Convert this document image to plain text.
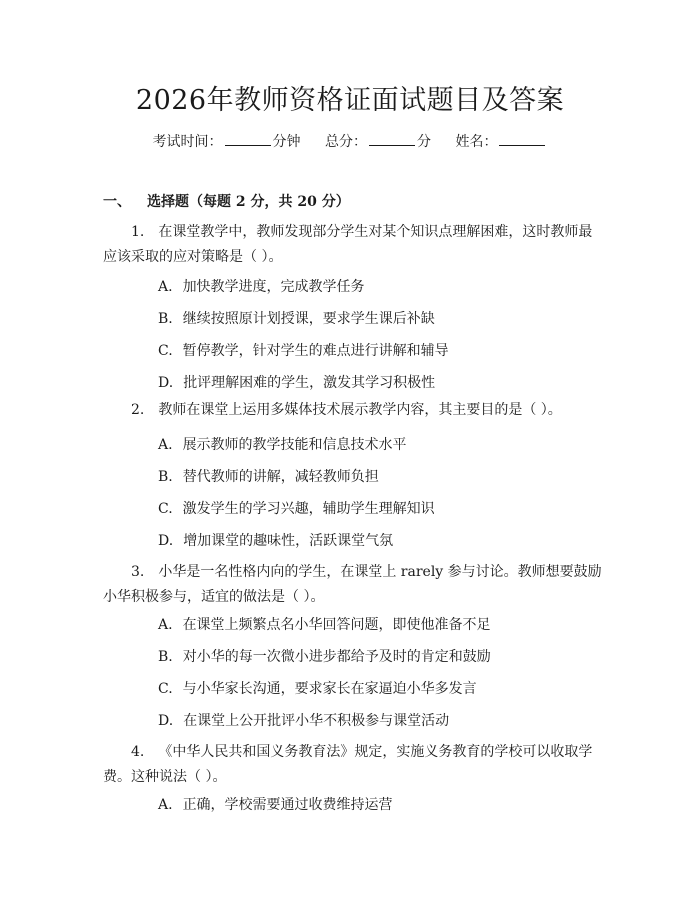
2026年教师资格证面试题目及答案
考试时间：	分钟 总分：	分 姓名：
一、 选择题（每题 2 分，共 20 分）
1. 在课堂教学中，教师发现部分学生对某个知识点理解困难，这时教师最应该采取的应对策略是（ ）。
A. 加快教学进度，完成教学任务
B. 继续按照原计划授课，要求学生课后补缺
C. 暂停教学，针对学生的难点进行讲解和辅导
D. 批评理解困难的学生，激发其学习积极性
2. 教师在课堂上运用多媒体技术展示教学内容，其主要目的是（ ）。
A. 展示教师的教学技能和信息技术水平
B. 替代教师的讲解，减轻教师负担
C. 激发学生的学习兴趣，辅助学生理解知识
D. 增加课堂的趣味性，活跃课堂气氛
3. 小华是一名性格内向的学生，在课堂上 rarely 参与讨论。教师想要鼓励小华积极参与，适宜的做法是（ ）。
A. 在课堂上频繁点名小华回答问题，即使他准备不足
B. 对小华的每一次微小进步都给予及时的肯定和鼓励
C. 与小华家长沟通，要求家长在家逼迫小华多发言
D. 在课堂上公开批评小华不积极参与课堂活动
4. 《中华人民共和国义务教育法》规定，实施义务教育的学校可以收取学费。这种说法（ ）。
A. 正确，学校需要通过收费维持运营
